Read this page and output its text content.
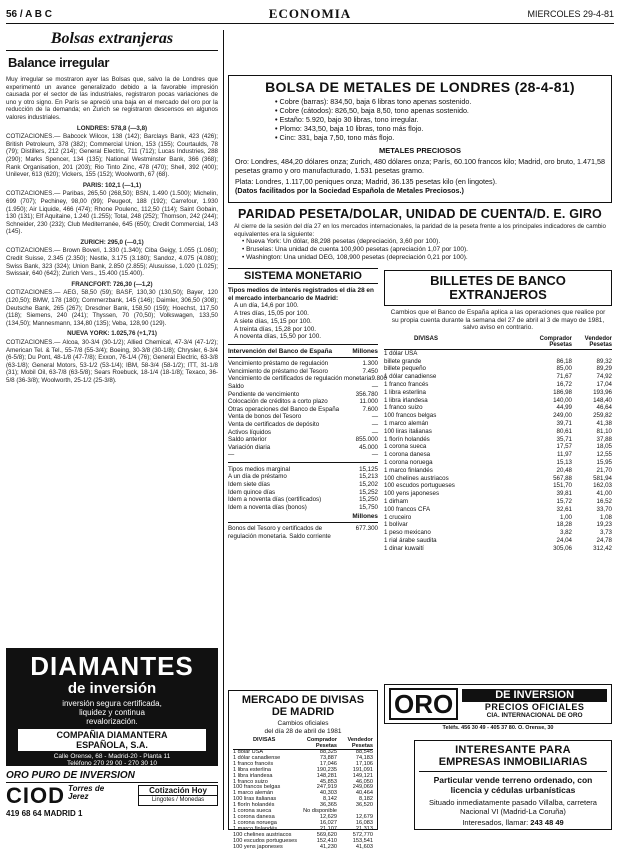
56 / A B C	ECONOMIA	MIERCOLES 29-4-81
Bolsas extranjeras
Balance irregular

Muy irregular se mostraron ayer las Bolsas que, salvo la de Londres que experimentó un avance generalizado debido a la favorable impresión causada por el sector de las industriales, registraron pocas variaciones de uno y otro signo. En París se apreció una baja en el mercado del oro por la reducción de la demanda; en Zurich se registraron descensos en algunos valores industriales.

LONDRES: 578,8 (—3,8)

COTIZACIONES.— Babcock Wilcox, 138 (142); Barclays Bank, 423 (426); British Petroleum, 378 (382); Commercial Union, 153 (155); Courtaulds, 78 (79); Distillers, 212 (214); General Electric, 711 (712); Lucas Industries, 288 (290); Marks Spencer, 134 (135); National Westminster Bank, 366 (368); Rank Organisation, 201 (203); Rio Tinto Zinc, 478 (470); Shell, 392 (400); Unilever, 613 (620); Vickers, 155 (152); Woolworth, 67 (68).

PARIS: 102,1 (—1,1)

COTIZACIONES.— Paribas, 265,50 (268,50); BSN, 1.490 (1.500); Michelin, 699 (707); Pechiney, 98,00 (99); Peugeot, 188 (192); Carrefour, 1.930 (1.950); Air Liquide, 466 (474); Rhone Poulenc, 112,50 (114); Saint Gobain, 130 (131); Elf Aquitaine, 1.240 (1.255); Total, 248 (252); Thomson, 242 (244); Schneider, 230 (232); Club Mediterranée, 645 (650); Credit Commercial, 143 (145).

ZURICH: 295,0 (—0,1)

COTIZACIONES.— Brown Boveri, 1.330 (1.340); Ciba Geigy, 1.055 (1.060); Credit Suisse, 2.345 (2.350); Nestle, 3.175 (3.180); Sandoz, 4.075 (4.080); Swiss Bank, 323 (324); Union Bank, 2.850 (2.855); Alusuisse, 1.020 (1.025); Swissair, 640 (642); Zurich Vers., 15.400 (15.400).

FRANCFORT: 726,30 (—1,2)

COTIZACIONES.— AEG, 58,50 (59); BASF, 130,30 (130,50); Bayer, 120 (120,50); BMW, 178 (180); Commerzbank, 145 (146); Daimler, 306,50 (308); Deutsche Bank, 265 (267); Dresdner Bank, 158,50 (159); Hoechst, 117,50 (118); Siemens, 240 (241); Thyssen, 70 (70,50); Volkswagen, 133,50 (134,50); Mannesmann, 134,80 (135); Veba, 128,90 (129).

NUEVA YORK: 1.025,76 (+1,71)

COTIZACIONES.— Alcoa, 30-3/4 (30-1/2); Allied Chemical, 47-3/4 (47-1/2); American Tel. & Tel., 55-7/8 (55-3/4); Boeing, 30-3/8 (30-1/8); Chrysler, 6-3/4 (6-5/8); Du Pont, 48-1/8 (47-7/8); Exxon, 76-1/4 (76); General Electric, 63-3/8 (63-1/8); General Motors, 53-1/2 (53-1/4); IBM, 58-3/4 (58-1/2); ITT, 31-1/8 (31); Mobil Oil, 63-7/8 (63-5/8); Sears Roebuck, 18-1/4 (18-1/8); Texaco, 36-5/8 (36-3/8); Woolworth, 25-1/2 (25-3/8).

DIAMANTES
de inversión
inversión segura certificada,
liquidez y continua
revalorización.
COMPAÑIA DIAMANTERA
ESPAÑOLA, S.A.
Calle Orense, 68 - Madrid-20 - Planta 11
Teléfono 270 29 00 - 270 30 10
ORO PURO DE INVERSION
CIOD Torres de Jerez
Cotización Hoy
Lingotes / Monedas
419 68 64 MADRID 1
BOLSA DE METALES DE LONDRES (28-4-81)
• Cobre (barras): 834,50, baja 6 libras tono apenas sostenido.
• Cobre (cátodos): 826,50, baja 8,50, tono apenas sostenido.
• Estaño: 5.920, bajo 30 libras, tono irregular.
• Plomo: 343,50, baja 10 libras, tono más flojo.
• Cinc: 331, baja 7,50, tono más flojo.
METALES PRECIOSOS
Oro: Londres, 484,20 dólares onza; Zurich, 480 dólares onza; París, 60.100 francos kilo; Madrid, oro bruto, 1.471,58 pesetas gramo y oro manufacturado, 1.531 pesetas gramo.
Plata: Londres, 1.117,00 peniques onza; Madrid, 36.135 pesetas kilo (en lingotes).
(Datos facilitados por la Sociedad Española de Metales Preciosos.)
PARIDAD PESETA/DOLAR, UNIDAD DE CUENTA/D. E. GIRO
Al cierre de la sesión del día 27 en los mercados internacionales, la paridad de la peseta frente a los principales indicadores de cambio equivalentes era la siguiente:
• Nueva York: Un dólar, 88,298 pesetas (depreciación, 3,60 por 100).
• Bruselas: Una unidad de cuenta 100,900 pesetas (apreciación 1,07 por 100).
• Washington: Una unidad DEG, 108,900 pesetas (depreciación 0,21 por 100).
SISTEMA MONETARIO
Tipos medios de interés registrados el día 28 en el mercado interbancario de Madrid:
A un día, 14,6 por 100.
A tres días, 15,05 por 100.
A siete días, 15,15 por 100.
A treinta días, 15,28 por 100.
A noventa días, 15,50 por 100.
Intervención del Banco de España	Millones
Vencimiento préstamo de regulación	1.300
Vencimiento de préstamo del Tesoro	7.450
Vencimiento de certificados de regulación monetaria 9.800
Saldo	—
Pendiente de vencimiento	356.780
Colocación de créditos a corto plazo	11.000
Otras operaciones del Banco de España	7.600
Venta de bonos del Tesoro	—
Venta de certificados de depósito	—
Activos líquidos	—
Saldo anterior	855.000
Variación diaria	45.000
—	—
Tipos medios marginal	15,125
A un día de préstamo	15,213
Idem siete días	15,202
Idem quince días	15,252
Idem a noventa días (certificados)	15,250
Idem a noventa días (bonos)	15,750
Millones
Bonos del Tesoro y certificados de regulación monetaria. Saldo corriente
677.300
BILLETES DE BANCO
EXTRANJEROS
Cambios que el Banco de España aplica a las operaciones que realice por su propia cuenta durante la semana del 27 de abril al 3 de mayo de 1981, salvo aviso en contrario.
DIVISAS	Comprador	Vendedor
Pesetas	Pesetas
1 dólar USA
billete grande	86,18	89,32
billete pequeño	85,00	89,29
1 dólar canadiense	71,67	74,92
1 franco francés	16,72	17,04
1 libra esterlina	186,98	193,96
1 libra irlandesa	140,00	148,40
1 franco suizo	44,99	46,64
100 francos belgas	249,00	259,82
1 marco alemán	39,71	41,38
100 liras italianas	80,61	81,10
1 florín holandés	35,71	37,88
1 corona sueca	17,57	18,05
1 corona danesa	11,97	12,55
1 corona noruega	15,13	15,95
1 marco finlandés	20,48	21,70
100 chelines austriacos	567,88	581,94
100 escudos portugueses	151,70	162,03
100 yens japoneses	39,81	41,00
1 dirham	15,72	16,52
100 francos CFA	32,61	33,70
1 cruceiro	1,00	1,08
1 bolívar	18,28	19,23
1 peso mexicano	3,82	3,73
1 rial árabe saudita	24,04	24,78
1 dinar kuwaití	305,06	312,42
MERCADO DE DIVISAS
DE MADRID
Cambios oficiales
del día 28 de abril de 1981
DIVISAS	Comprador	Vendedor
Pesetas	Pesetas
1 dólar USA	88,325	88,545
1 dólar canadiense	73,887	74,183
1 franco francés	17,046	17,106
1 libra esterlina	190,235	191,091
1 libra irlandesa	148,281	149,121
1 franco suizo	45,853	46,050
100 francos belgas	247,919	249,069
1 marco alemán	40,303	40,464
100 liras italianas	8,142	8,182
1 florín holandés	36,365	36,520
1 corona sueca	No disponible
1 corona danesa	12,629	12,679
1 corona noruega	16,027	16,083
1 marco finlandés	21,107	21,313
100 chelines austriacos	569,620	572,770
100 escudos portugueses	152,410	153,541
100 yens japoneses	41,230	41,603
ORO	DE INVERSION
PRECIOS OFICIALES
CIA. INTERNACIONAL DE ORO
Teléfs. 456 30 49 - 405 37 80. O. Orense, 30
INTERESANTE PARA
EMPRESAS INMOBILIARIAS
Particular vende terreno ordenado, con licencia y cédulas urbanísticas
Situado inmediatamente pasado Villalba, carretera Nacional VI (Madrid-La Coruña)
Interesados, llamar: 243 48 49
